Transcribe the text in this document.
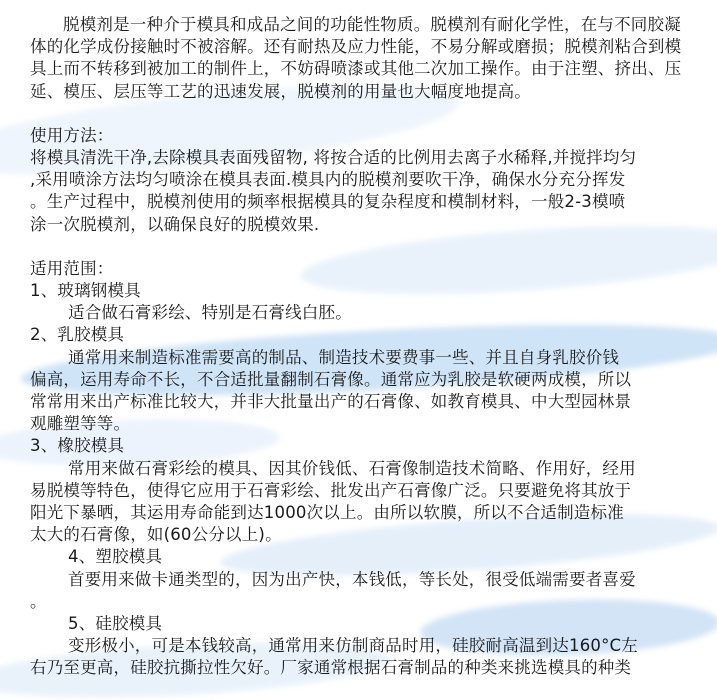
脱模剂是一种介于模具和成品之间的功能性物质。脱模剂有耐化学性，在与不同胶凝体的化学成份接触时不被溶解。还有耐热及应力性能，不易分解或磨损；脱模剂粘合到模具上而不转移到被加工的制件上，不妨碍喷漆或其他二次加工操作。由于注塑、挤出、压延、模压、层压等工艺的迅速发展，脱模剂的用量也大幅度地提高。

使用方法：

将模具清洗干净,去除模具表面残留物, 将按合适的比例用去离子水稀释,并搅拌均匀
,采用喷涂方法均匀喷涂在模具表面.模具内的脱模剂要吹干净，确保水分充分挥发
。生产过程中，脱模剂使用的频率根据模具的复杂程度和模制材料，一般2-3模喷
涂一次脱模剂，以确保良好的脱模效果.

适用范围：

1、玻璃钢模具

适合做石膏彩绘、特别是石膏线白胚。

2、乳胶模具

通常用来制造标准需要高的制品、制造技术要费事一些、并且自身乳胶价钱
偏高，运用寿命不长，不合适批量翻制石膏像。通常应为乳胶是软硬两成模，所以
常常用来出产标准比较大，并非大批量出产的石膏像、如教育模具、中大型园林景
观雕塑等等。

3、橡胶模具

常用来做石膏彩绘的模具、因其价钱低、石膏像制造技术简略、作用好，经用
易脱模等特色，使得它应用于石膏彩绘、批发出产石膏像广泛。只要避免将其放于
阳光下暴晒，其运用寿命能到达1000次以上。由所以软膜，所以不合适制造标准
太大的石膏像，如(60公分以上)。

4、塑胶模具

首要用来做卡通类型的，因为出产快，本钱低，等长处，很受低端需要者喜爱
。

5、硅胶模具

变形极小，可是本钱较高，通常用来仿制商品时用，硅胶耐高温到达160°C左
右乃至更高，硅胶抗撕拉性欠好。厂家通常根据石膏制品的种类来挑选模具的种类
